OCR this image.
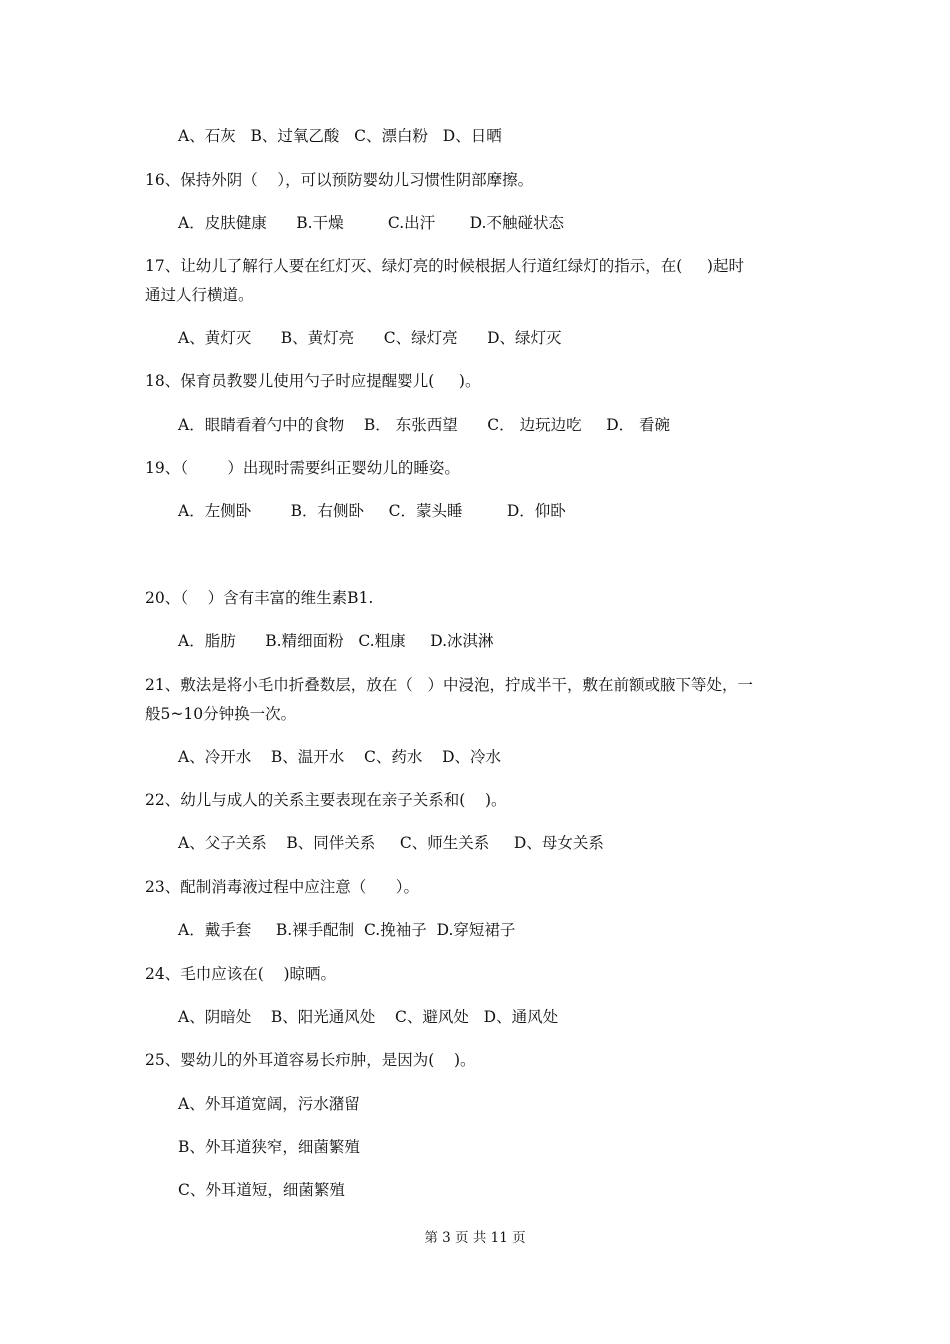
A、石灰   B、过氧乙酸   C、漂白粉   D、日晒
16、保持外阴（    ），可以预防婴幼儿习惯性阴部摩擦。
A．皮肤健康      B.干燥         C.出汗       D.不触碰状态
17、让幼儿了解行人要在红灯灭、绿灯亮的时候根据人行道红绿灯的指示，在(     )起时
通过人行横道。
A、黄灯灭      B、黄灯亮      C、绿灯亮      D、绿灯灭
18、保育员教婴儿使用勺子时应提醒婴儿(     )。
A．眼睛看着勺中的食物    B． 东张西望      C． 边玩边吃     D． 看碗
19、（        ）出现时需要纠正婴幼儿的睡姿。
A．左侧卧        B．右侧卧     C．蒙头睡         D．仰卧
20、（    ）含有丰富的维生素B1.
A．脂肪      B.精细面粉   C.粗康     D.冰淇淋
21、敷法是将小毛巾折叠数层，放在（   ）中浸泡，拧成半干，敷在前额或腋下等处，一
般5~10分钟换一次。
A、冷开水    B、温开水    C、药水    D、冷水
22、幼儿与成人的关系主要表现在亲子关系和(    )。
A、父子关系    B、同伴关系     C、师生关系     D、母女关系
23、配制消毒液过程中应注意（      ）。
A．戴手套     B.裸手配制  C.挽袖子  D.穿短裙子
24、毛巾应该在(    )晾晒。
A、阴暗处    B、阳光通风处    C、避风处   D、通风处
25、婴幼儿的外耳道容易长疖肿，是因为(    )。
A、外耳道宽阔，污水潴留
B、外耳道狭窄，细菌繁殖
C、外耳道短，细菌繁殖
第 3 页 共 11 页
